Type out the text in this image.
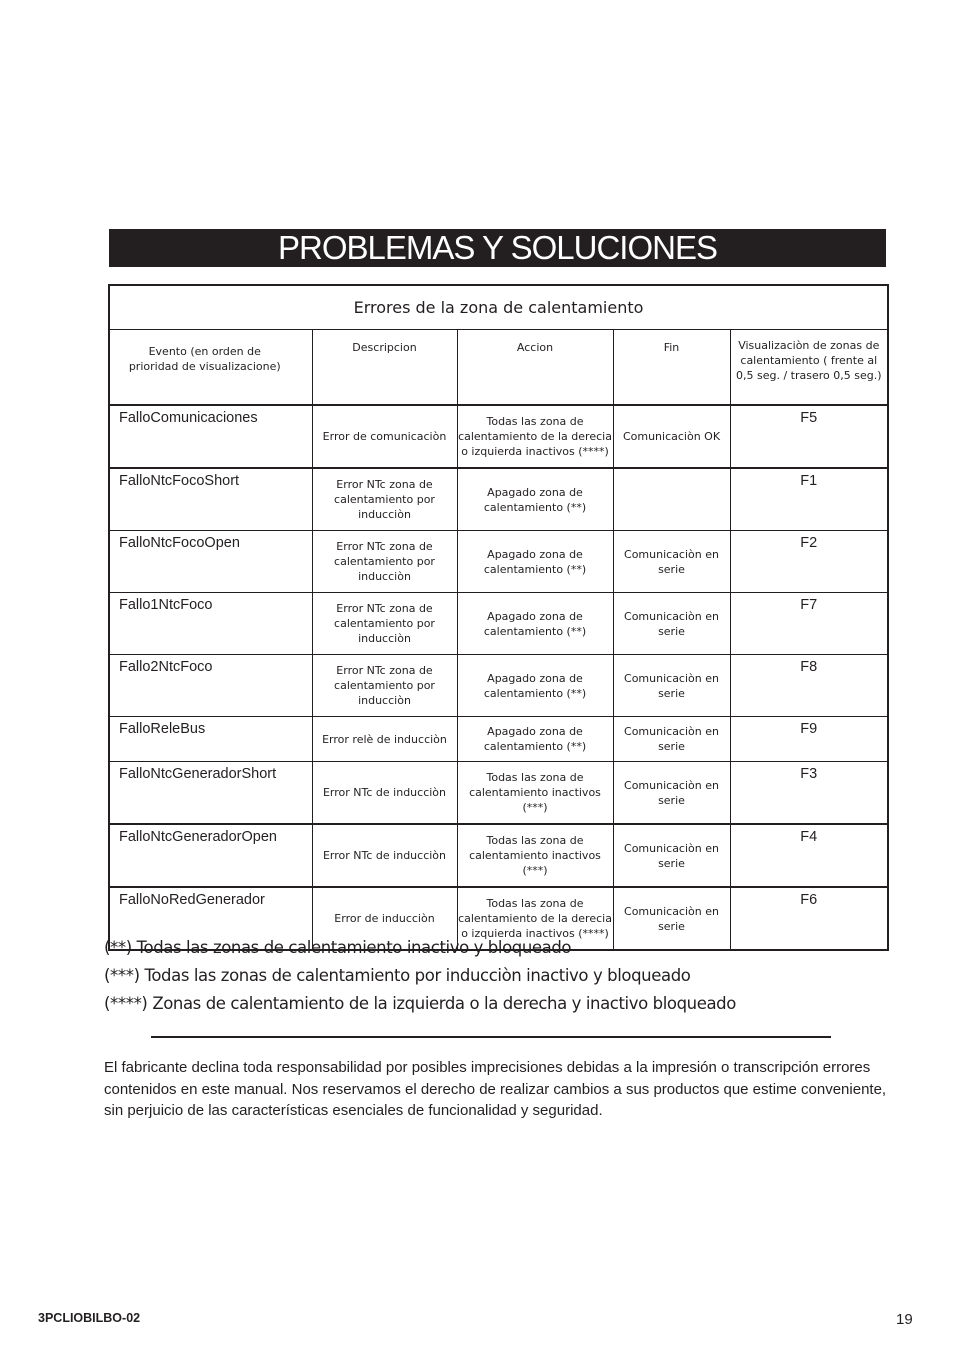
PROBLEMAS Y SOLUCIONES
Errores de la zona de calentamiento				

Evento (en orden de prioridad de visualizacione)	Descripcion	Accion	Fin	Visualizaciòn de zonas de calentamiento ( frente al 0,5 seg. / trasero 0,5 seg.)

FalloComunicaciones	Error de comunicaciòn	Todas las zona de calentamiento de la derecia o izquierda inactivos (****)	Comunicaciòn OK	F5
FalloNtcFocoShort	Error NTc zona de calentamiento por inducciòn	Apagado zona de calentamiento (**)		F1
FalloNtcFocoOpen	Error NTc zona de calentamiento por inducciòn	Apagado zona de calentamiento (**)	Comunicaciòn en serie	F2
Fallo1NtcFoco	Error NTc zona de calentamiento por inducciòn	Apagado zona de calentamiento (**)	Comunicaciòn en serie	F7
Fallo2NtcFoco	Error NTc zona de calentamiento por inducciòn	Apagado zona de calentamiento (**)	Comunicaciòn en serie	F8
FalloReleBus	Error relè de inducciòn	Apagado zona de calentamiento (**)	Comunicaciòn en serie	F9
FalloNtcGeneradorShort	Error NTc de inducciòn	Todas las zona de calentamiento inactivos (***)	Comunicaciòn en serie	F3
FalloNtcGeneradorOpen	Error NTc de inducciòn	Todas las zona de calentamiento inactivos (***)	Comunicaciòn en serie	F4
FalloNoRedGenerador	Error de inducciòn	Todas las zona de calentamiento de la derecia o izquierda inactivos (****)	Comunicaciòn en serie	F6
(**) Todas las zonas de calentamiento inactivo y bloqueado
(***) Todas las zonas de calentamiento por inducciòn inactivo y bloqueado
(****) Zonas de calentamiento de la izquierda o la derecha y inactivo bloqueado
El fabricante declina toda responsabilidad por posibles imprecisiones debidas a la impresión o transcripción errores contenidos en este manual. Nos reservamos el derecho de realizar cambios a sus productos que estime conveniente, sin perjuicio de las características esenciales de funcionalidad y seguridad.
3PCLIOBILBO-02	19
